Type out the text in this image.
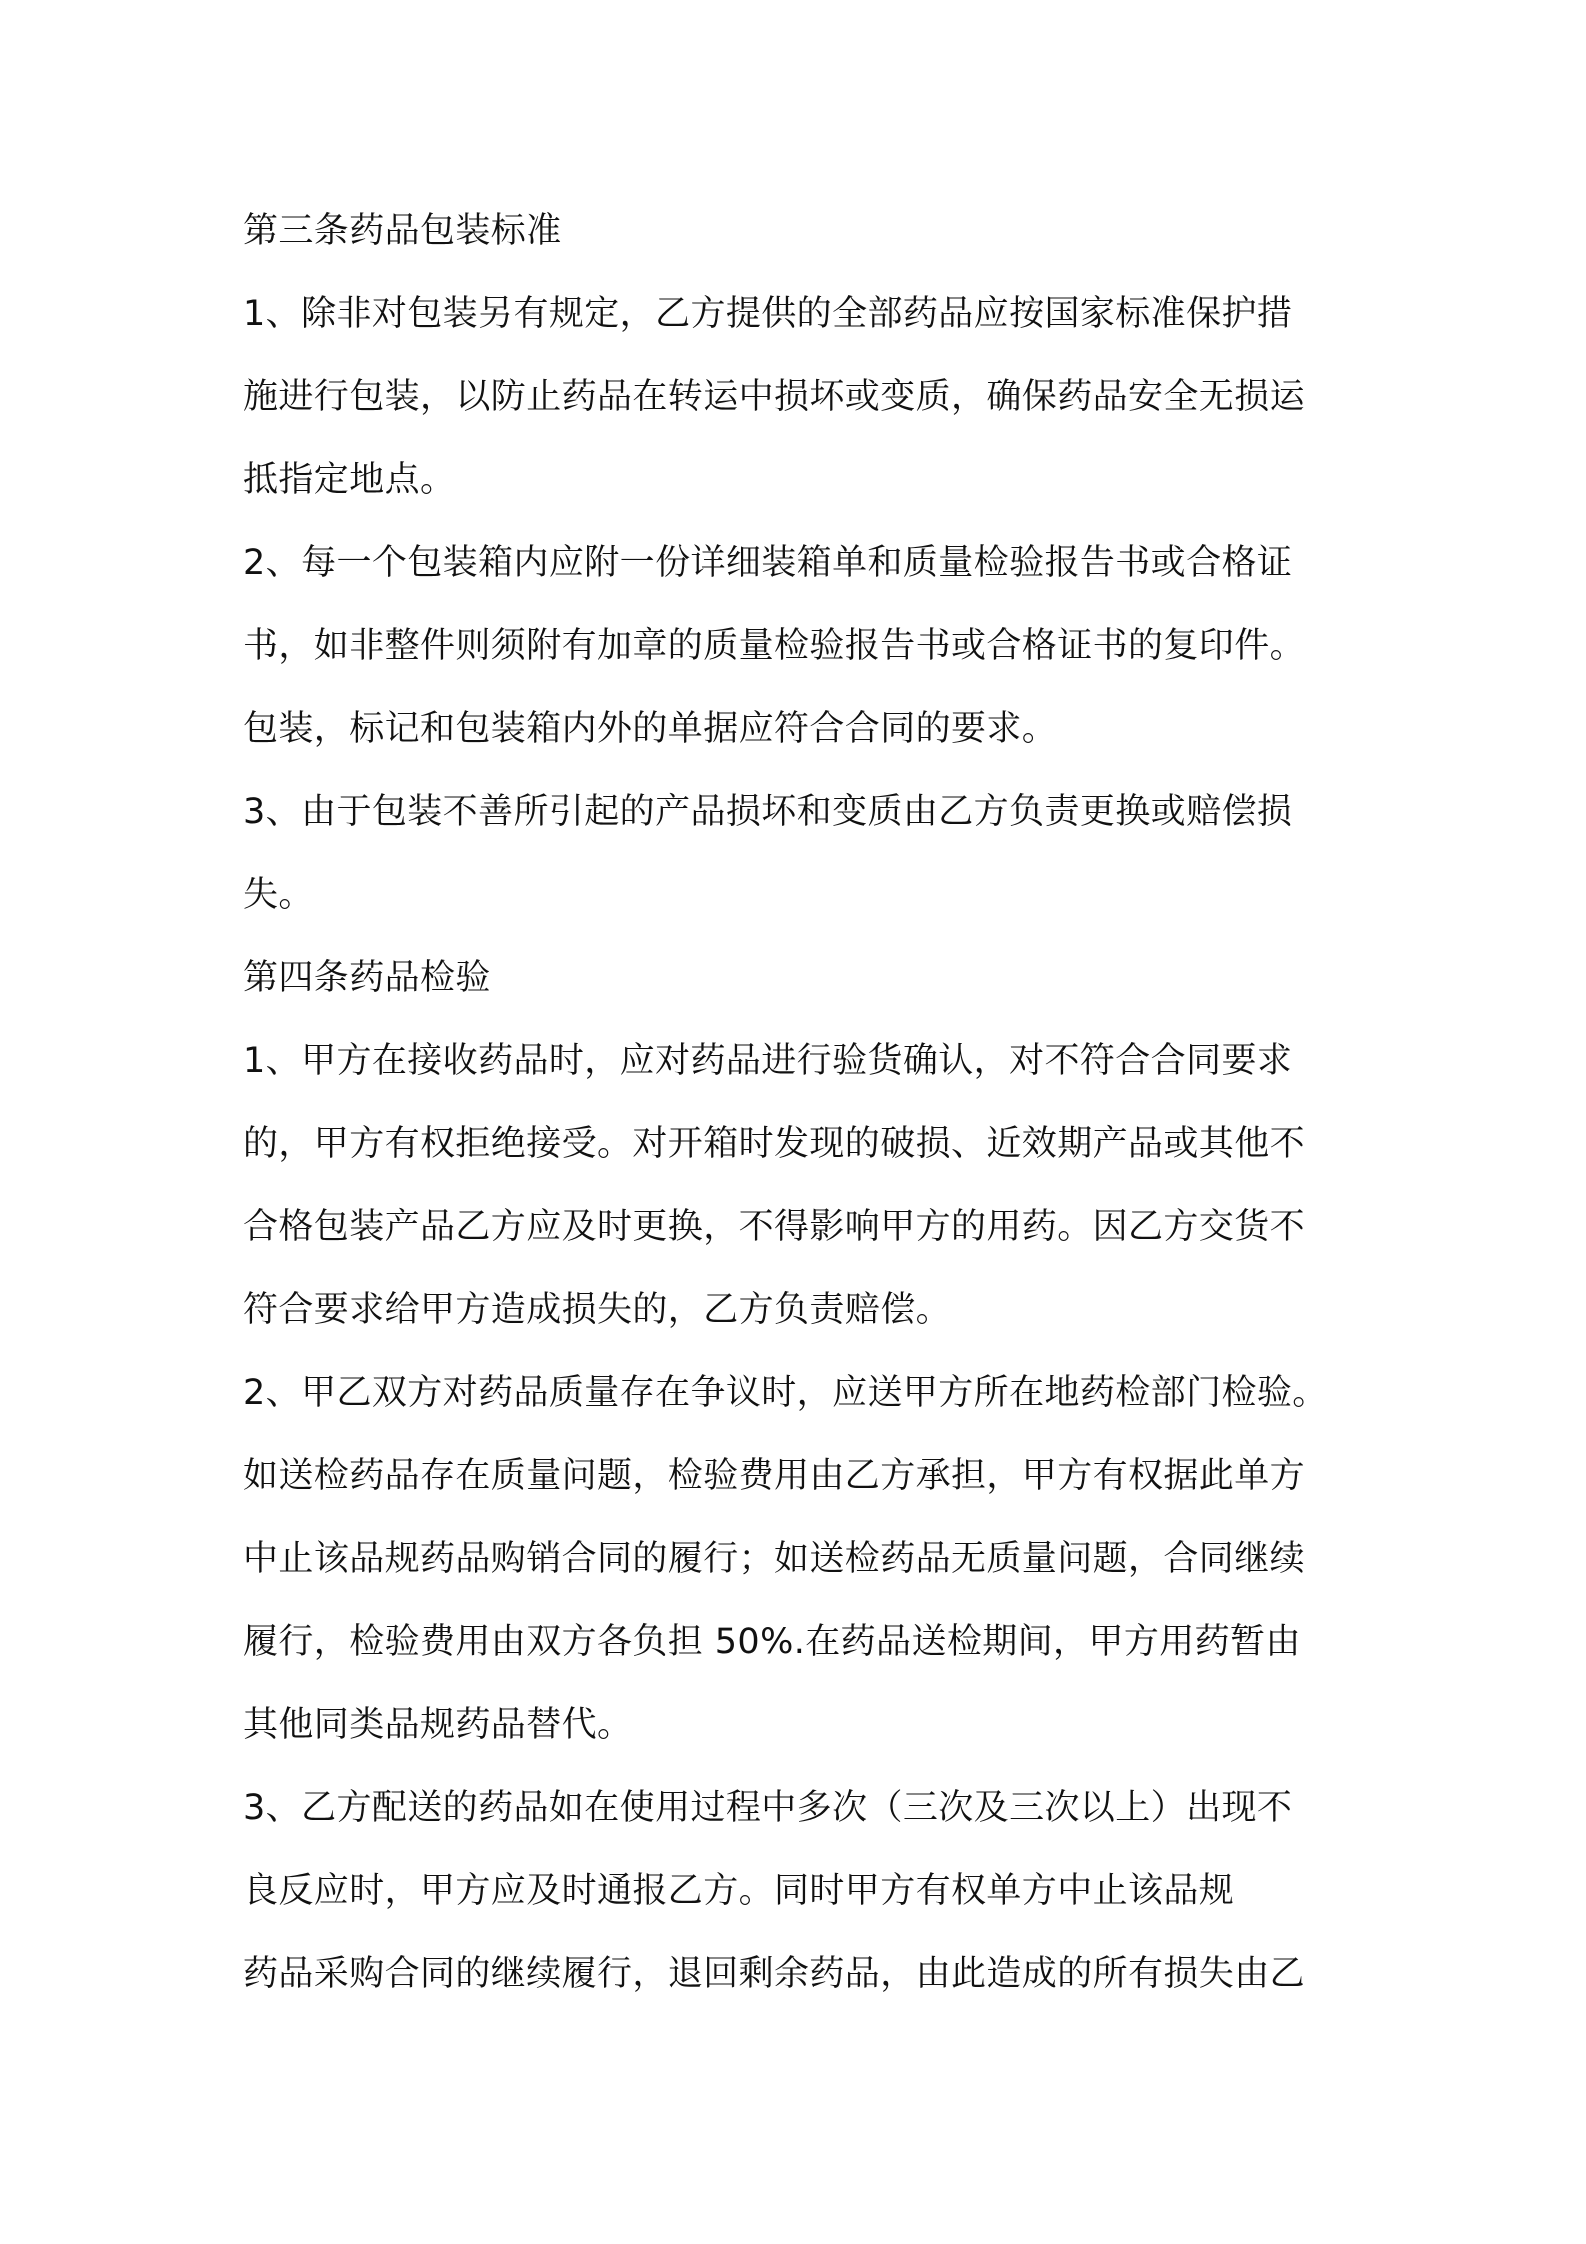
第三条药品包装标准
1、除非对包装另有规定，乙方提供的全部药品应按国家标准保护措
施进行包装，以防止药品在转运中损坏或变质，确保药品安全无损运
抵指定地点。
2、每一个包装箱内应附一份详细装箱单和质量检验报告书或合格证
书，如非整件则须附有加章的质量检验报告书或合格证书的复印件。
包装，标记和包装箱内外的单据应符合合同的要求。
3、由于包装不善所引起的产品损坏和变质由乙方负责更换或赔偿损
失。
第四条药品检验
1、甲方在接收药品时，应对药品进行验货确认，对不符合合同要求
的，甲方有权拒绝接受。对开箱时发现的破损、近效期产品或其他不
合格包装产品乙方应及时更换，不得影响甲方的用药。因乙方交货不
符合要求给甲方造成损失的，乙方负责赔偿。
2、甲乙双方对药品质量存在争议时，应送甲方所在地药检部门检验。
如送检药品存在质量问题，检验费用由乙方承担，甲方有权据此单方
中止该品规药品购销合同的履行；如送检药品无质量问题，合同继续
履行，检验费用由双方各负担 50%.在药品送检期间，甲方用药暂由
其他同类品规药品替代。
3、乙方配送的药品如在使用过程中多次（三次及三次以上）出现不
良反应时，甲方应及时通报乙方。同时甲方有权单方中止该品规
药品采购合同的继续履行，退回剩余药品，由此造成的所有损失由乙
